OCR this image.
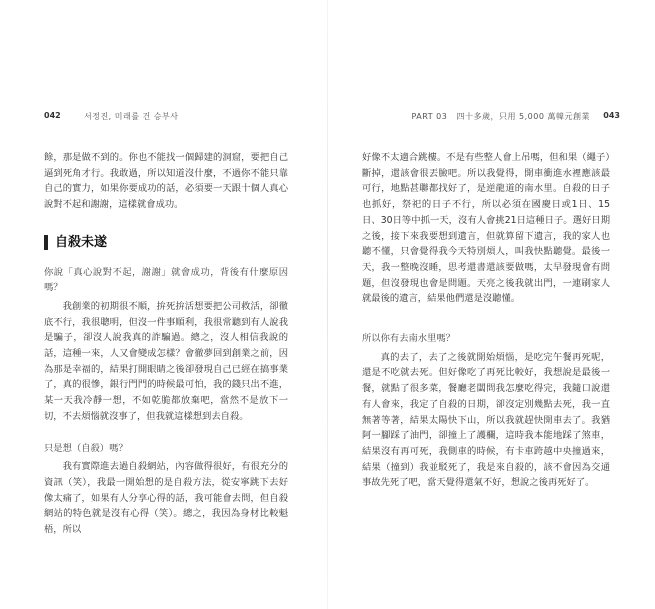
042	서정진, 미래를 건 승부사

餘，那是做不到的。你也不能找一個歸建的洞窟，要把自己逼到死角才行。我敢過，所以知道沒什麼，不過你不能只靠自己的實力，如果你要成功的話，必須要一天跟十個人真心說對不起和謝謝，這樣就會成功。

自殺未遂

你說「真心說對不起，謝謝」就會成功，背後有什麼原因嗎？

我創業的初期很不順，拚死拚活想要把公司救活，卻徹底不行，我很聰明，但沒一件事順利，我很常聽到有人說我是騙子，卻沒人說我真的詐騙過。總之，沒人相信我說的話，這種一來，人又會變成怎樣？會徹夢回到創業之前，因為那是幸福的，結果打開眼睛之後卻發現自己已經在搞事業了，真的很慘，銀行門門的時候最可怕，我的錢只出不進，某一天我冷靜一想，不如乾脆都放棄吧，當然不是放下一切，不去煩惱就沒事了，但我就這樣想到去自殺。

只是想（自殺）嗎？

我有實際進去過自殺網站，內容做得很好，有很充分的資訊（笑），我最一開始想的是自殺方法，從安寧跳下去好像太痛了，如果有人分享心得的話，我可能會去問，但自殺網站的特色就是沒有心得（笑）。總之，我因為身材比較魁梧，所以

PART 03 四十多歲，只用 5,000 萬韓元創業 043

好像不太適合跳樓。不是有些整人會上吊嗎，但和果（繩子）斷掉，還該會很丟臉吧。所以我覺得，開車衝進水裡應該最可行，地點甚聯都找好了，是逆龍道的南水里。自殺的日子也抓好，祭祀的日子不行，所以必須在國慶日或1日、15日、30日等中抓一天，沒有人會挑21日這種日子。選好日期之後，接下來我要想到遺言，但就算留下遺言，我的家人也聽不懂，只會覺得我今天特別煩人，叫我快點聽覺。最後一天，我一整晚沒睡，思考還書還該要做嗎，太早發現會有問題，但沒發現也會是問題。天亮之後我就出門，一連刷家人就最後的遺言，結果他們還是沒聽懂。

所以你有去南水里嗎？

真的去了，去了之後就開始煩惱，是吃完午餐再死呢，還是不吃就去死。但好像吃了再死比較好，我想說是最後一餐，就點了很多菜，餐廳老闆問我怎麼吃得完，我隨口說還有人會來，我定了自殺的日期，卻沒定別幾點去死，我一直無著等著，結果太陽快下山，所以我就趕快開車去了。我猶阿一腳踩了油門，卻撞上了護欄，這時我本能地踩了煞車，結果沒有再可死，我側車的時候，有卡車跨越中央撞過來，結果（撞到）我並駁死了，我是來自殺的，該不會因為交通事故先死了吧，當天覺得還氣不好，想說之後再死好了。
